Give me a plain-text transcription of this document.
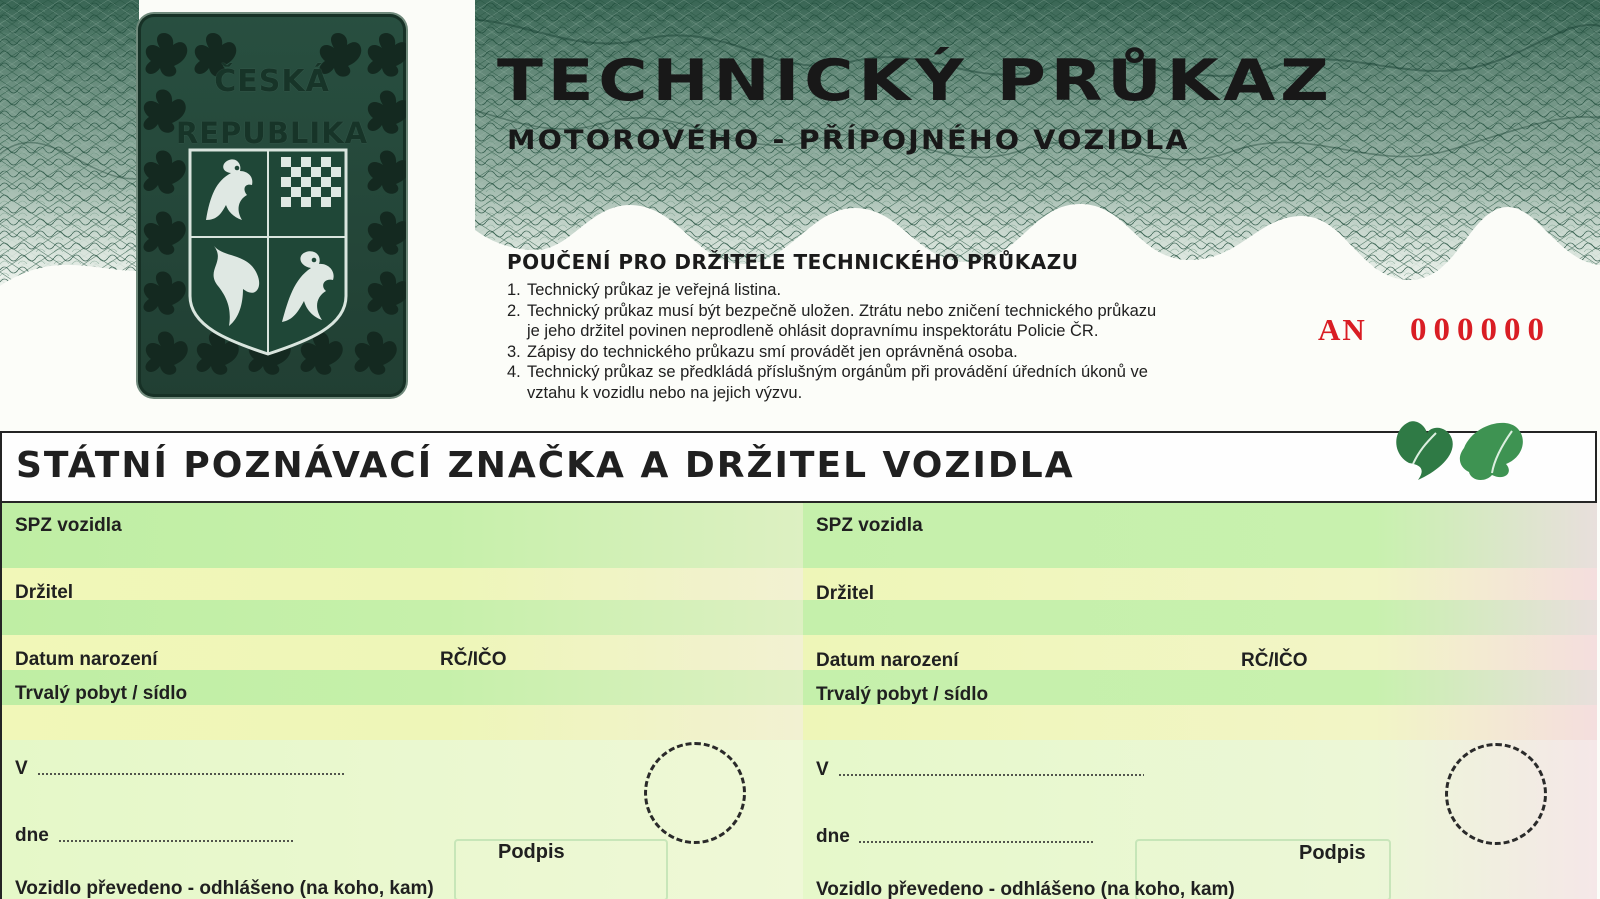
ČESKÁ
REPUBLIKA
TECHNICKÝ PRŮKAZ
MOTOROVÉHO - PŘÍPOJNÉHO VOZIDLA
POUČENÍ PRO DRŽITELE TECHNICKÉHO PRŮKAZU
1. Technický průkaz je veřejná listina.
2. Technický průkaz musí být bezpečně uložen. Ztrátu nebo zničení technického průkazu
je jeho držitel povinen neprodleně ohlásit dopravnímu inspektorátu Policie ČR.
3. Zápisy do technického průkazu smí provádět jen oprávněná osoba.
4. Technický průkaz se předkládá příslušným orgánům při provádění úředních úkonů ve
vztahu k vozidlu nebo na jejich výzvu.
AN 000000
STÁTNÍ POZNÁVACÍ ZNAČKA A DRŽITEL VOZIDLA
SPZ vozidla
Držitel
Datum narození	RČ/IČO
Trvalý pobyt / sídlo
V
dne
Podpis
Vozidlo převedeno - odhlášeno (na koho, kam)
SPZ vozidla
Držitel
Datum narození	RČ/IČO
Trvalý pobyt / sídlo
V
dne
Podpis
Vozidlo převedeno - odhlášeno (na koho, kam)
